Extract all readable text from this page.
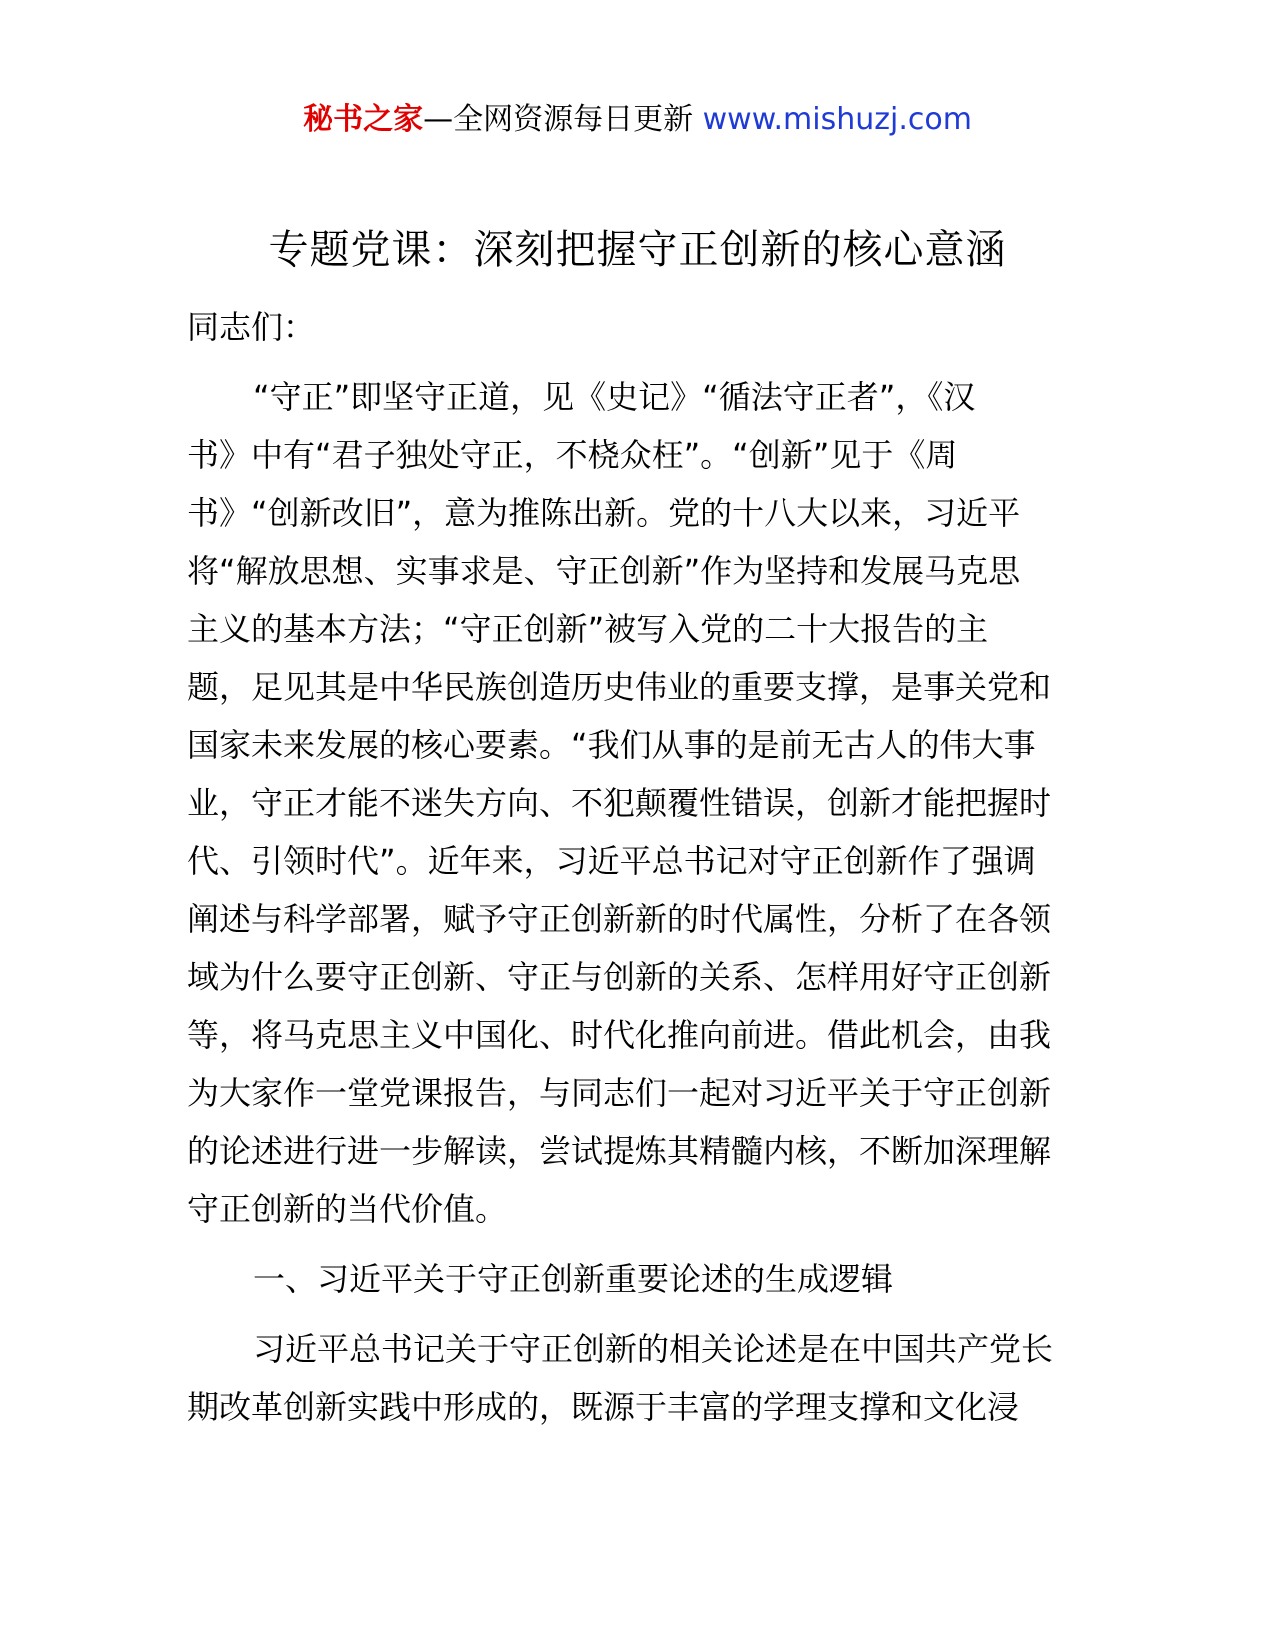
秘书之家—全网资源每日更新 www.mishuzj.com
专题党课：深刻把握守正创新的核心意涵
同志们：
“守正”即坚守正道，见《史记》“循法守正者”，《汉
书》中有“君子独处守正，不桡众枉”。“创新”见于《周
书》“创新改旧”，意为推陈出新。党的十八大以来，习近平
将“解放思想、实事求是、守正创新”作为坚持和发展马克思
主义的基本方法；“守正创新”被写入党的二十大报告的主
题，足见其是中华民族创造历史伟业的重要支撑，是事关党和
国家未来发展的核心要素。“我们从事的是前无古人的伟大事
业，守正才能不迷失方向、不犯颠覆性错误，创新才能把握时
代、引领时代”。近年来，习近平总书记对守正创新作了强调
阐述与科学部署，赋予守正创新新的时代属性，分析了在各领
域为什么要守正创新、守正与创新的关系、怎样用好守正创新
等，将马克思主义中国化、时代化推向前进。借此机会，由我
为大家作一堂党课报告，与同志们一起对习近平关于守正创新
的论述进行进一步解读，尝试提炼其精髓内核，不断加深理解
守正创新的当代价值。
一、习近平关于守正创新重要论述的生成逻辑
习近平总书记关于守正创新的相关论述是在中国共产党长
期改革创新实践中形成的，既源于丰富的学理支撑和文化浸
